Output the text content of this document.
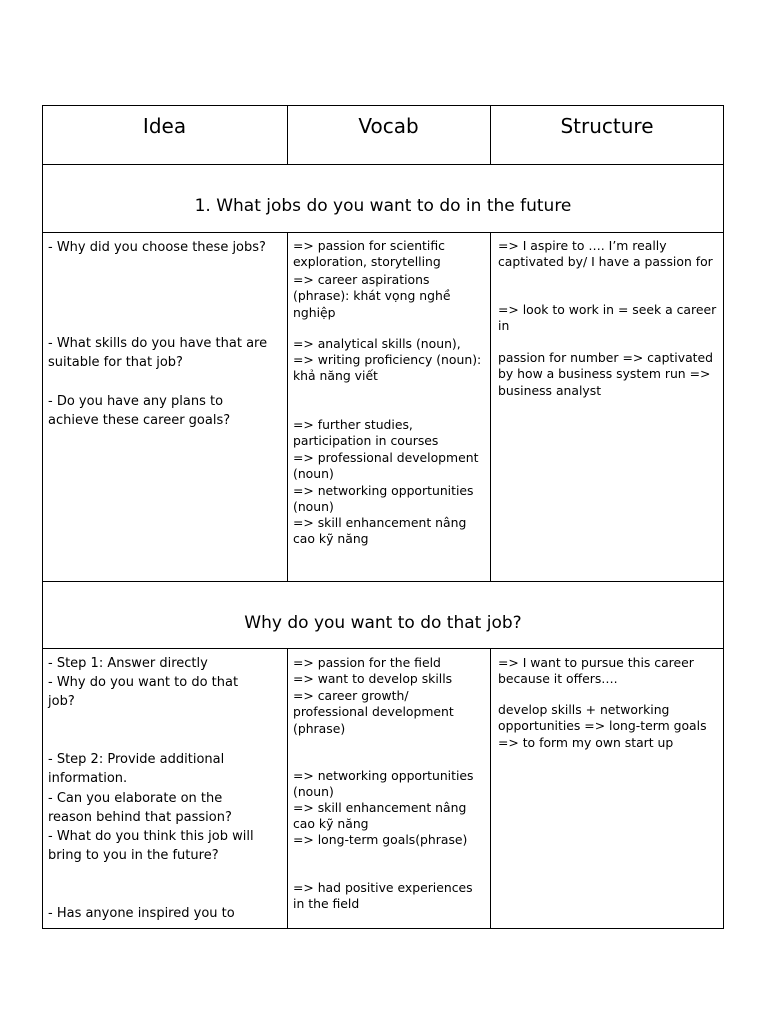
Idea	Vocab	Structure
1. What jobs do you want to do in the future
- Why did you choose these jobs?
- What skills do you have that are suitable for that job?
- Do you have any plans to achieve these career goals?
=> passion for scientific exploration, storytelling
=> career aspirations (phrase): khát vọng nghề nghiệp
=> analytical skills (noun),
=> writing proficiency (noun): khả năng viết
=> further studies, participation in courses
=> professional development (noun)
=> networking opportunities (noun)
=> skill enhancement nâng cao kỹ năng
=> I aspire to …. I’m really captivated by/ I have a passion for
=> look to work in = seek a career in
passion for number => captivated by how a business system run => business analyst
Why do you want to do that job?
- Step 1: Answer directly
- Why do you want to do that job?
- Step 2: Provide additional information.
- Can you elaborate on the reason behind that passion?
- What do you think this job will bring to you in the future?
- Has anyone inspired you to
=> passion for the field
=> want to develop skills
=> career growth/ professional development (phrase)
=> networking opportunities (noun)
=> skill enhancement nâng cao kỹ năng
=> long-term goals(phrase)
=> had positive experiences in the field
=> I want to pursue this career because it offers….
develop skills + networking opportunities => long-term goals
=> to form my own start up
